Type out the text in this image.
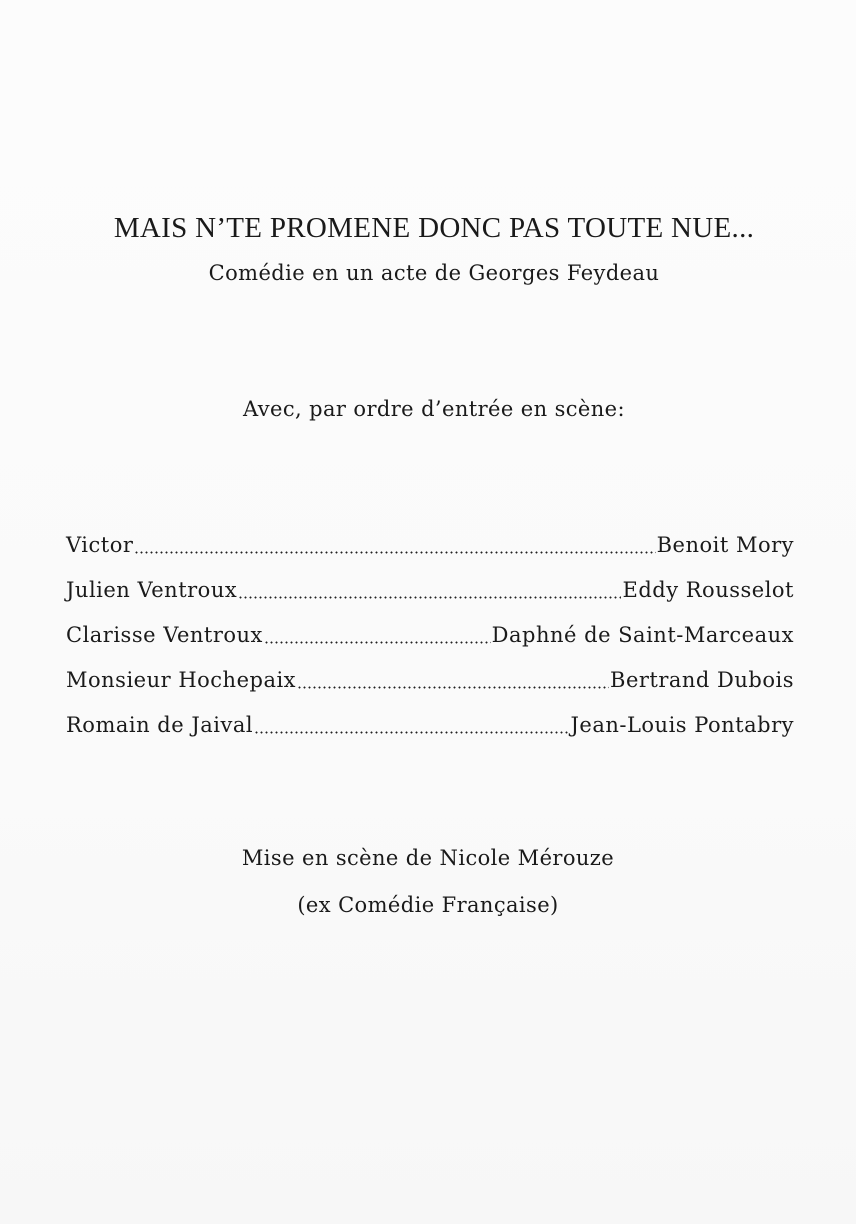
MAIS N’TE PROMENE DONC PAS TOUTE NUE...
Comédie en un acte de Georges Feydeau
Avec, par ordre d’entrée en scène:
Victor	Benoit Mory
Julien Ventroux	Eddy Rousselot
Clarisse Ventroux	Daphné de Saint-Marceaux
Monsieur Hochepaix	Bertrand Dubois
Romain de Jaival	Jean-Louis Pontabry
Mise en scène de Nicole Mérouze
(ex Comédie Française)
